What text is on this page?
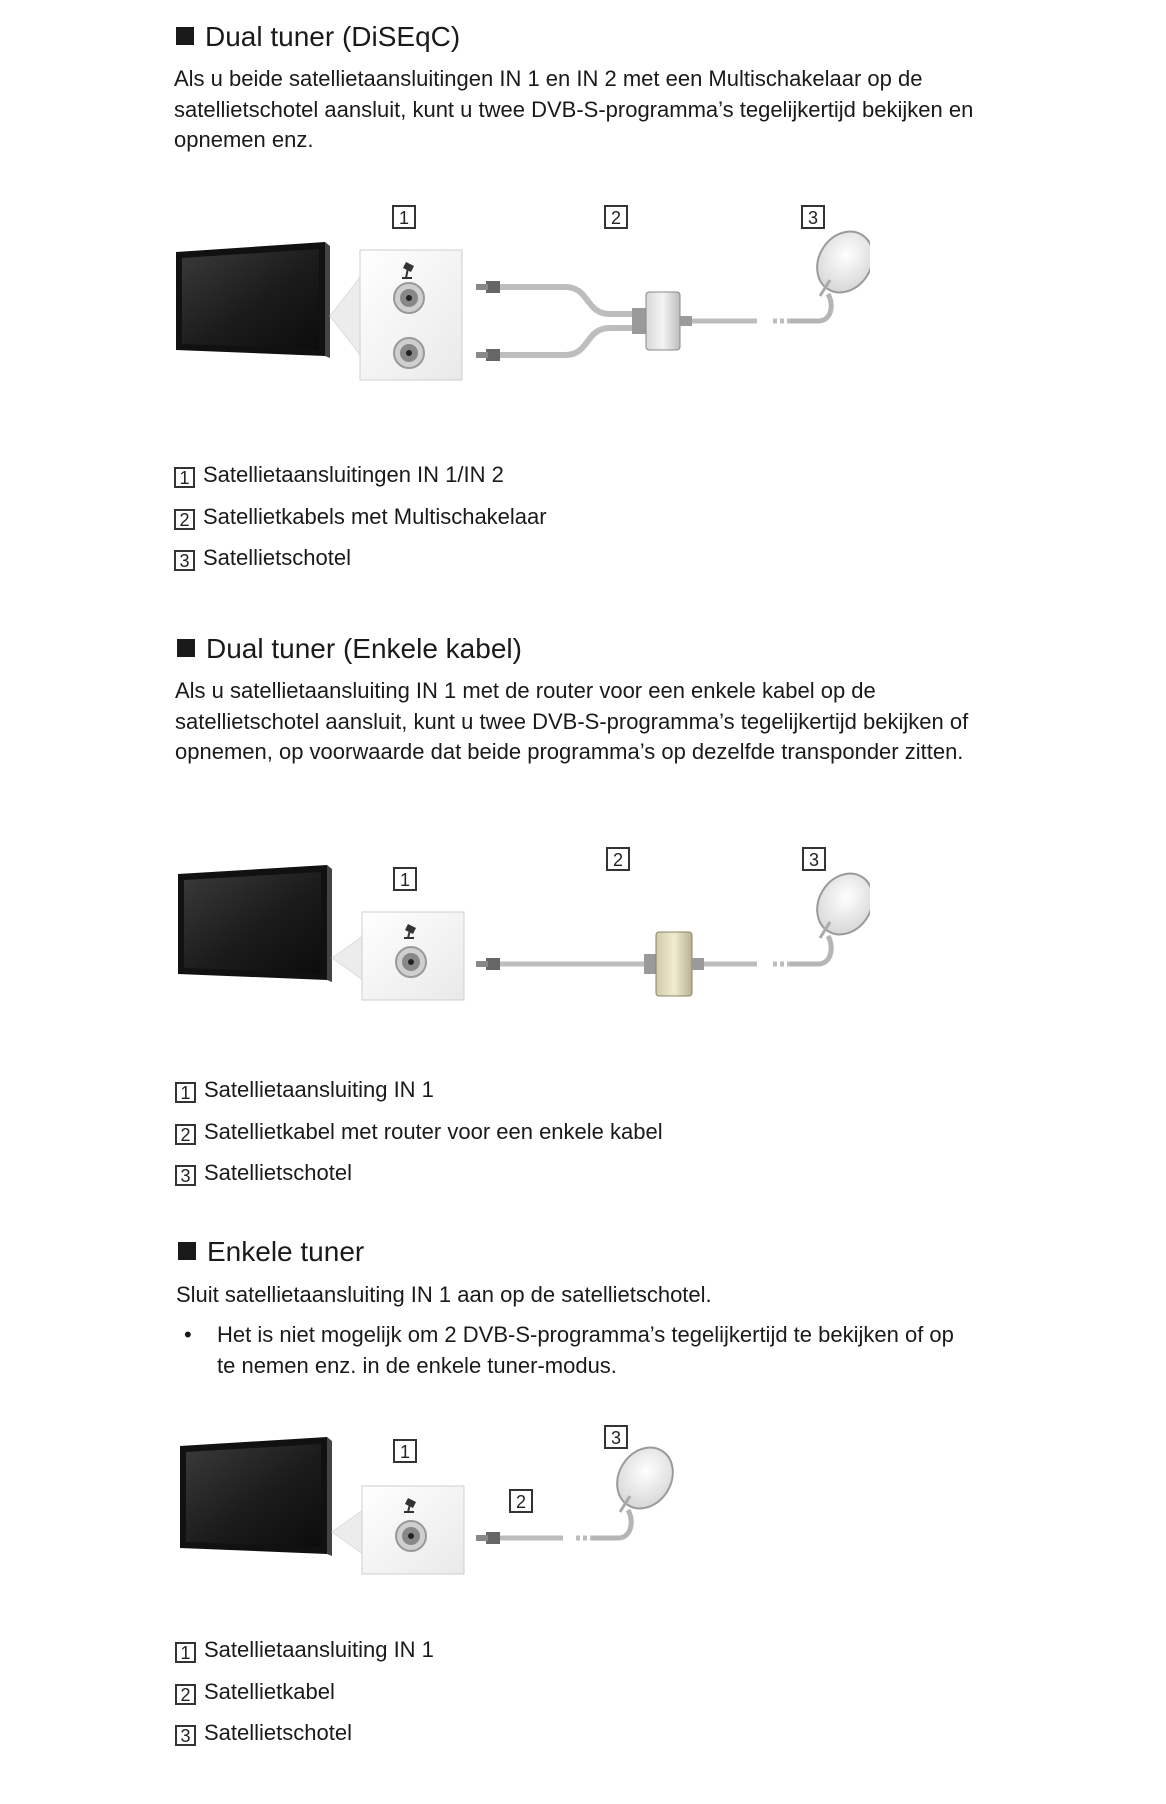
Dual tuner (DiSEqC)
Als u beide satellietaansluitingen IN 1 en IN 2 met een Multischakelaar op de satellietschotel aansluit, kunt u twee DVB-S-programma’s tegelijkertijd bekijken en opnemen enz.
1	2	3
1 Satellietaansluitingen IN 1/IN 2
2 Satellietkabels met Multischakelaar
3 Satellietschotel
Dual tuner (Enkele kabel)
Als u satellietaansluiting IN 1 met de router voor een enkele kabel op de satellietschotel aansluit, kunt u twee DVB-S-programma’s tegelijkertijd bekijken of opnemen, op voorwaarde dat beide programma’s op dezelfde transponder zitten.
1
2	3
1 Satellietaansluiting IN 1
2 Satellietkabel met router voor een enkele kabel
3 Satellietschotel
Enkele tuner
Sluit satellietaansluiting IN 1 aan op de satellietschotel.
• Het is niet mogelijk om 2 DVB-S-programma’s tegelijkertijd te bekijken of op te nemen enz. in de enkele tuner-modus.
1
2
3
1 Satellietaansluiting IN 1
2 Satellietkabel
3 Satellietschotel
